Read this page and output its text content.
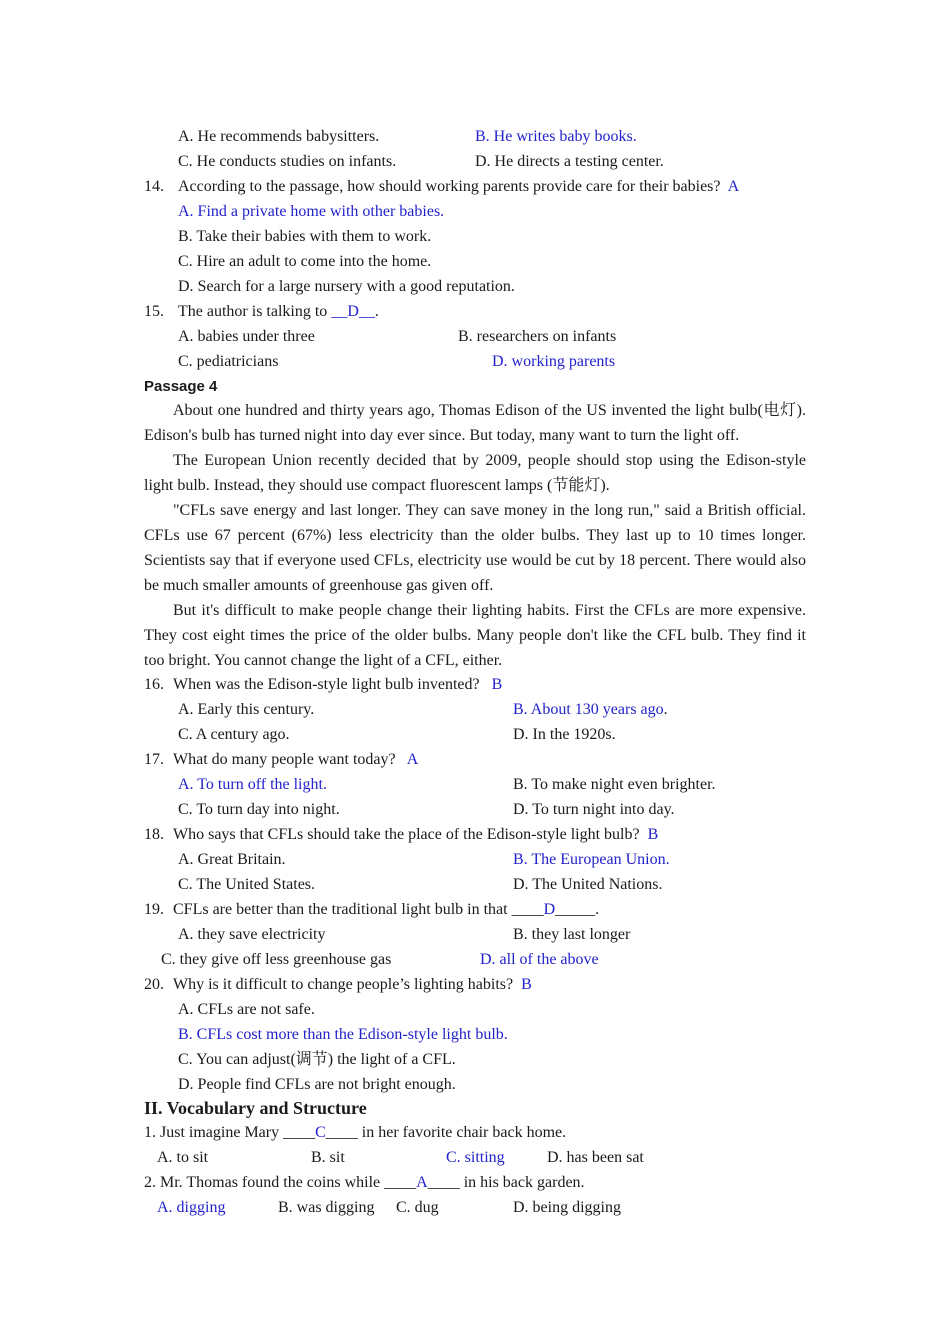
A. He recommends babysitters.	B. He writes baby books.
C. He conducts studies on infants.	D. He directs a testing center.
14. According to the passage, how should working parents provide care for their babies? A
A. Find a private home with other babies.
B. Take their babies with them to work.
C. Hire an adult to come into the home.
D. Search for a large nursery with a good reputation.
15. The author is talking to __D__.
A. babies under three	B. researchers on infants
C. pediatricians	D. working parents
Passage 4

About one hundred and thirty years ago, Thomas Edison of the US invented the light bulb(电灯). Edison's bulb has turned night into day ever since. But today, many want to turn the light off.

The European Union recently decided that by 2009, people should stop using the Edison-style light bulb. Instead, they should use compact fluorescent lamps (节能灯).

"CFLs save energy and last longer. They can save money in the long run," said a British official. CFLs use 67 percent (67%) less electricity than the older bulbs. They last up to 10 times longer. Scientists say that if everyone used CFLs, electricity use would be cut by 18 percent. There would also be much smaller amounts of greenhouse gas given off.

But it's difficult to make people change their lighting habits. First the CFLs are more expensive. They cost eight times the price of the older bulbs. Many people don't like the CFL bulb. They find it too bright. You cannot change the light of a CFL, either.

16. When was the Edison-style light bulb invented? B
A. Early this century.	B. About 130 years ago.
C. A century ago.	D. In the 1920s.
17. What do many people want today? A
A. To turn off the light.	B. To make night even brighter.
C. To turn day into night.	D. To turn night into day.
18. Who says that CFLs should take the place of the Edison-style light bulb? B
A. Great Britain.	B. The European Union.
C. The United States.	D. The United Nations.
19. CFLs are better than the traditional light bulb in that ____D_____.
A. they save electricity	B. they last longer
C. they give off less greenhouse gas	D. all of the above
20. Why is it difficult to change people’s lighting habits? B
A. CFLs are not safe.
B. CFLs cost more than the Edison-style light bulb.
C. You can adjust(调节) the light of a CFL.
D. People find CFLs are not bright enough.
II. Vocabulary and Structure
1. Just imagine Mary ____C____ in her favorite chair back home.
A. to sit	B. sit	C. sitting	D. has been sat
2. Mr. Thomas found the coins while ____A____ in his back garden.
A. digging	B. was digging C. dug	D. being digging
